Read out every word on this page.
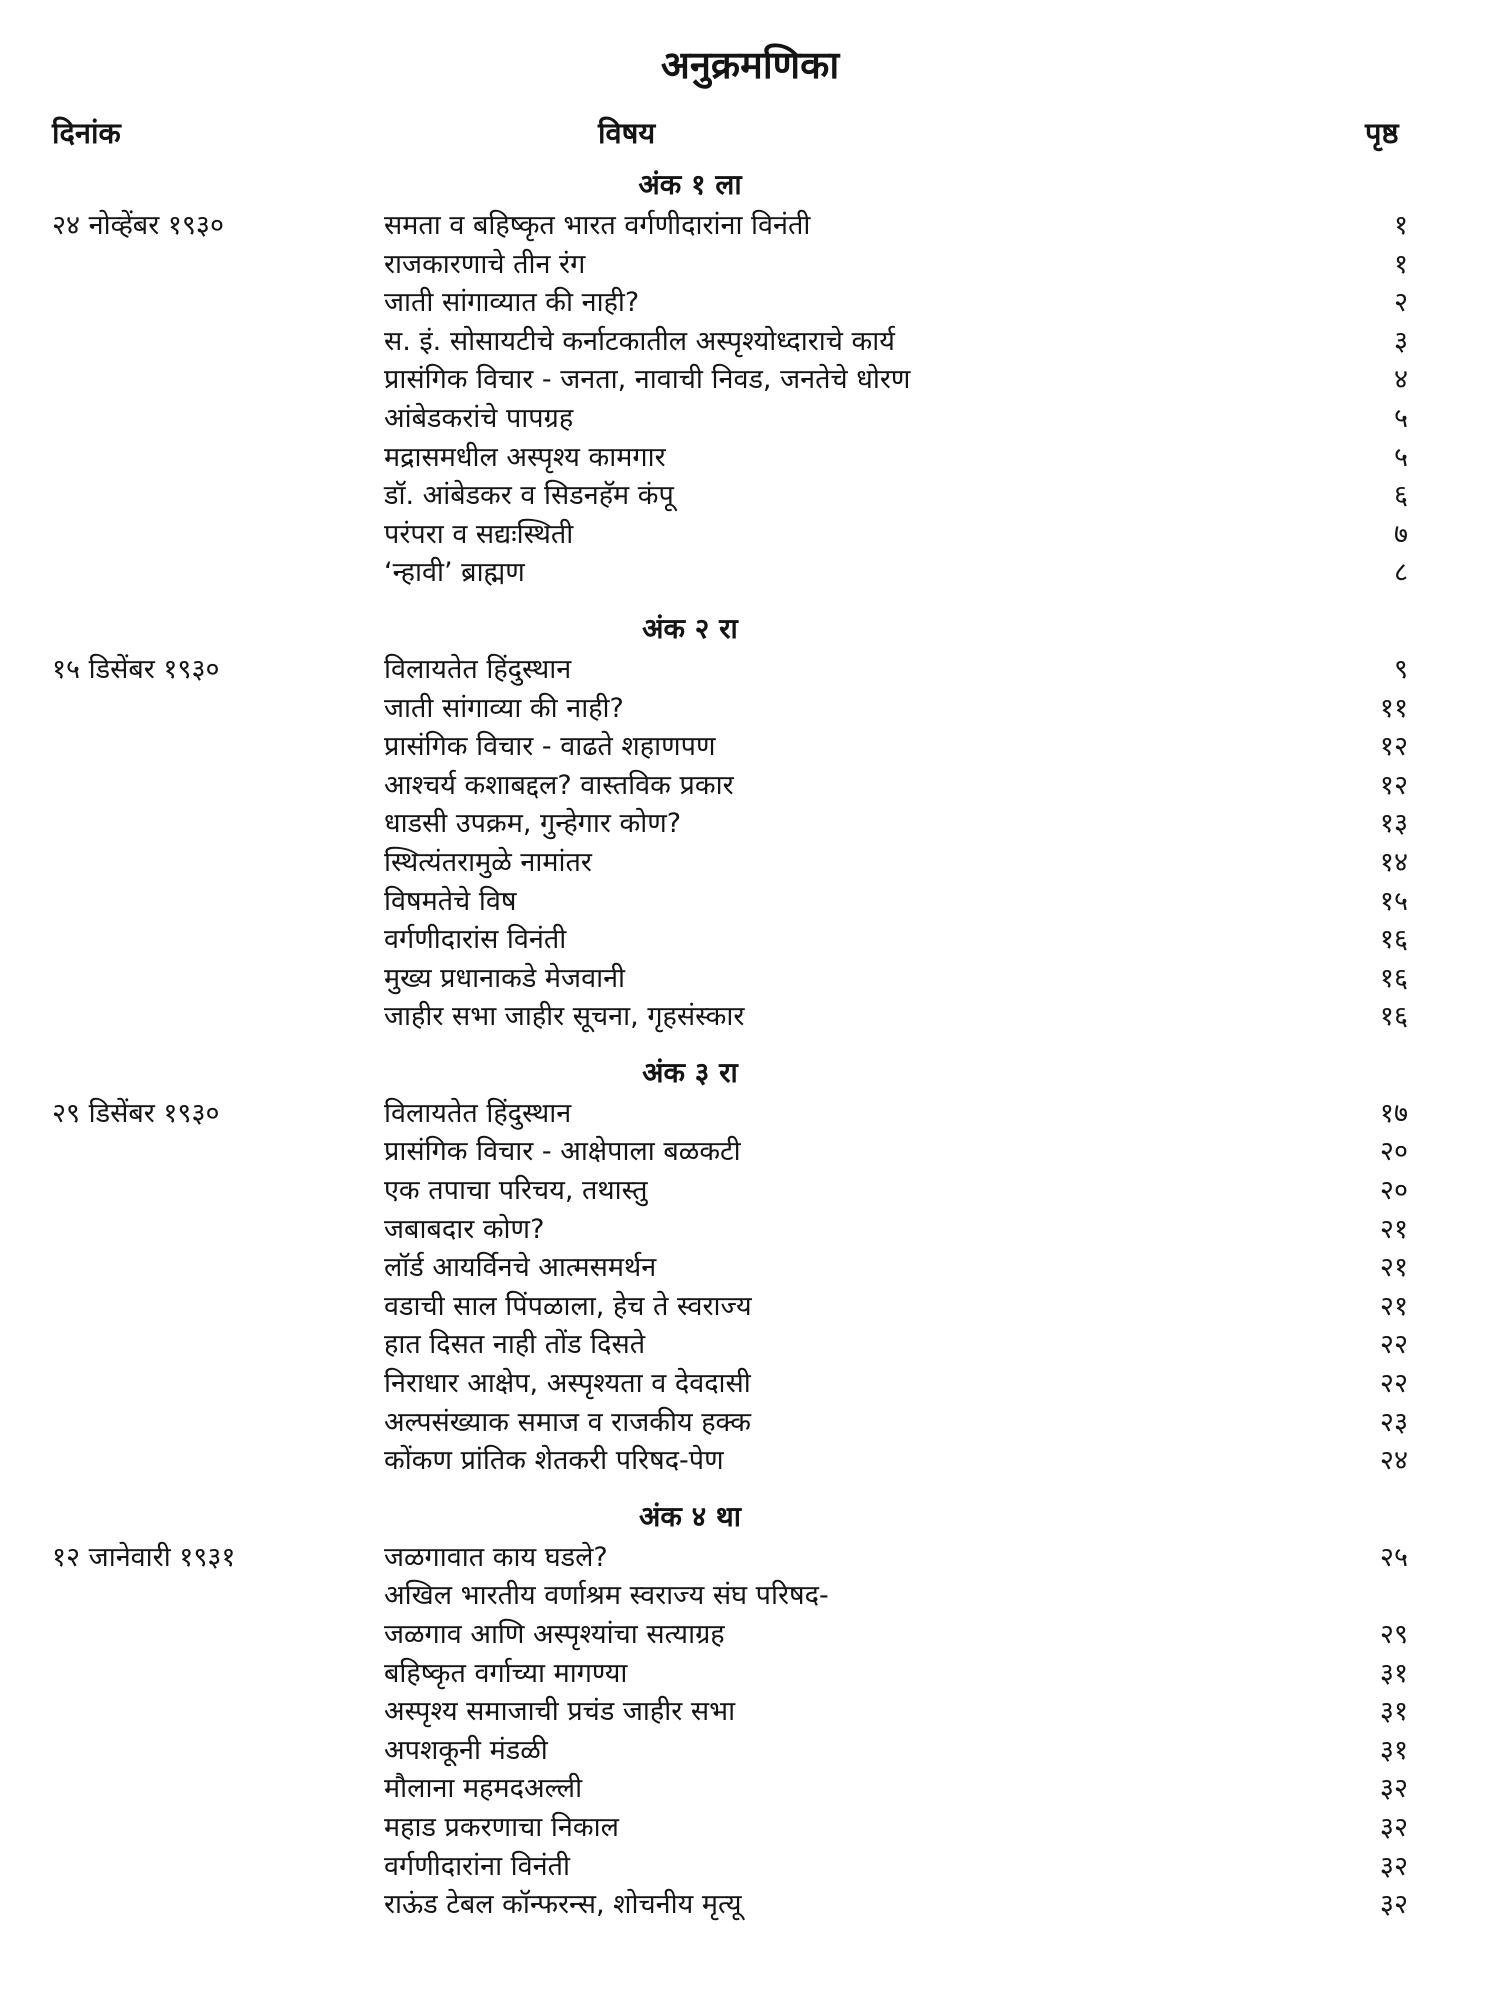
अनुक्रमणिका
दिनांक	विषय	पृष्ठ
अंक १ ला
२४ नोव्हेंबर १९३०	समता व बहिष्कृत भारत वर्गणीदारांना विनंती	१
राजकारणाचे तीन रंग	१
जाती सांगाव्यात की नाही?	२
स. इं. सोसायटीचे कर्नाटकातील अस्पृश्योध्दाराचे कार्य	३
प्रासंगिक विचार - जनता, नावाची निवड, जनतेचे धोरण	४
आंबेडकरांचे पापग्रह	५
मद्रासमधील अस्पृश्य कामगार	५
डॉ. आंबेडकर व सिडनहॅम कंपू	६
परंपरा व सद्यःस्थिती	७
‘न्हावी’ ब्राह्मण	८
अंक २ रा
१५ डिसेंबर १९३०	विलायतेत हिंदुस्थान	९
जाती सांगाव्या की नाही?	११
प्रासंगिक विचार - वाढते शहाणपण	१२
आश्चर्य कशाबद्दल? वास्तविक प्रकार	१२
धाडसी उपक्रम, गुन्हेगार कोण?	१३
स्थित्यंतरामुळे नामांतर	१४
विषमतेचे विष	१५
वर्गणीदारांस विनंती	१६
मुख्य प्रधानाकडे मेजवानी	१६
जाहीर सभा जाहीर सूचना, गृहसंस्कार	१६
अंक ३ रा
२९ डिसेंबर १९३०	विलायतेत हिंदुस्थान	१७
प्रासंगिक विचार - आक्षेपाला बळकटी	२०
एक तपाचा परिचय, तथास्तु	२०
जबाबदार कोण?	२१
लॉर्ड आयर्विनचे आत्मसमर्थन	२१
वडाची साल पिंपळाला, हेच ते स्वराज्य	२१
हात दिसत नाही तोंड दिसते	२२
निराधार आक्षेप, अस्पृश्यता व देवदासी	२२
अल्पसंख्याक समाज व राजकीय हक्क	२३
कोंकण प्रांतिक शेतकरी परिषद-पेण	२४
अंक ४ था
१२ जानेवारी १९३१	जळगावात काय घडले?	२५
अखिल भारतीय वर्णाश्रम स्वराज्य संघ परिषद-
जळगाव आणि अस्पृश्यांचा सत्याग्रह	२९
बहिष्कृत वर्गाच्या मागण्या	३१
अस्पृश्य समाजाची प्रचंड जाहीर सभा	३१
अपशकूनी मंडळी	३१
मौलाना महमदअल्ली	३२
महाड प्रकरणाचा निकाल	३२
वर्गणीदारांना विनंती	३२
राऊंड टेबल कॉन्फरन्स, शोचनीय मृत्यू	३२
